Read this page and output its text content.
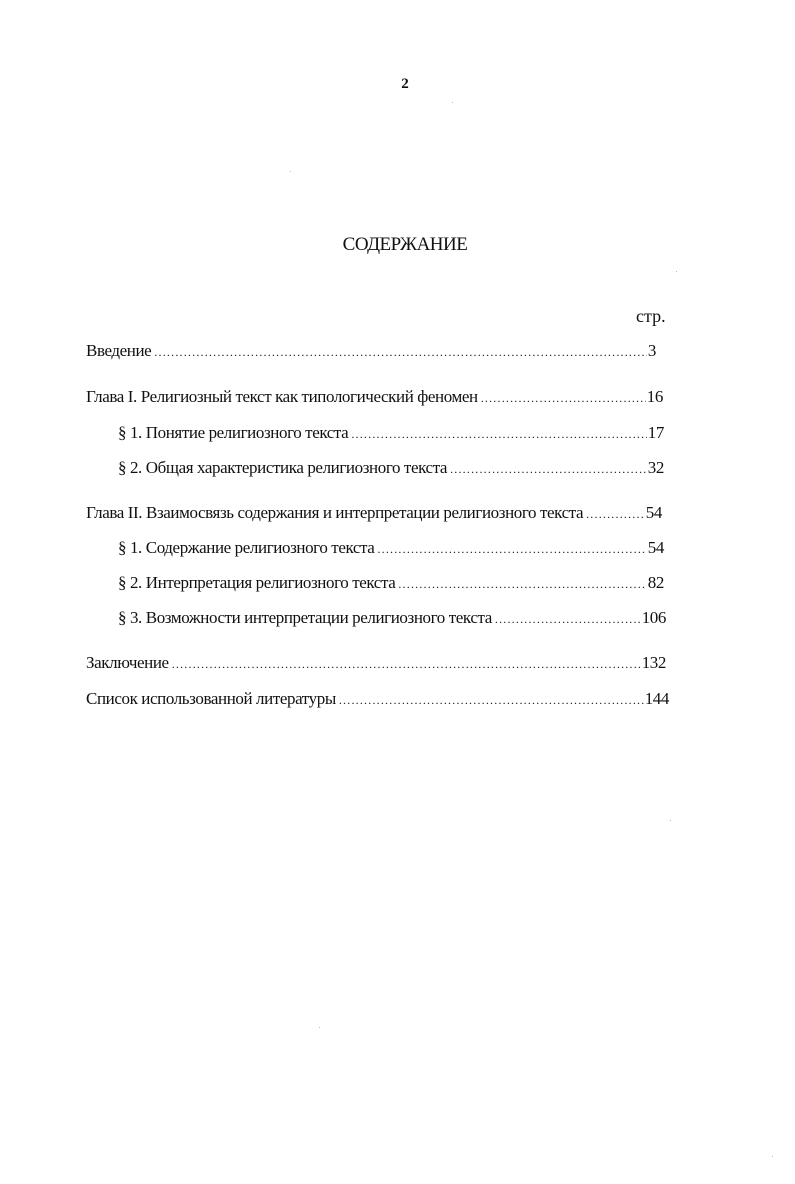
2
СОДЕРЖАНИЕ
стр.
Введение .....	3
Глава I. Религиозный текст как типологический феномен .....	16
§ 1. Понятие религиозного текста .....	17
§ 2. Общая характеристика религиозного текста .....	32
Глава II. Взаимосвязь содержания и интерпретации религиозного текста .....	54
§ 1. Содержание религиозного текста .....	54
§ 2. Интерпретация религиозного текста .....	82
§ 3. Возможности интерпретации религиозного текста .....	106
Заключение .....	132
Список использованной литературы .....	144
